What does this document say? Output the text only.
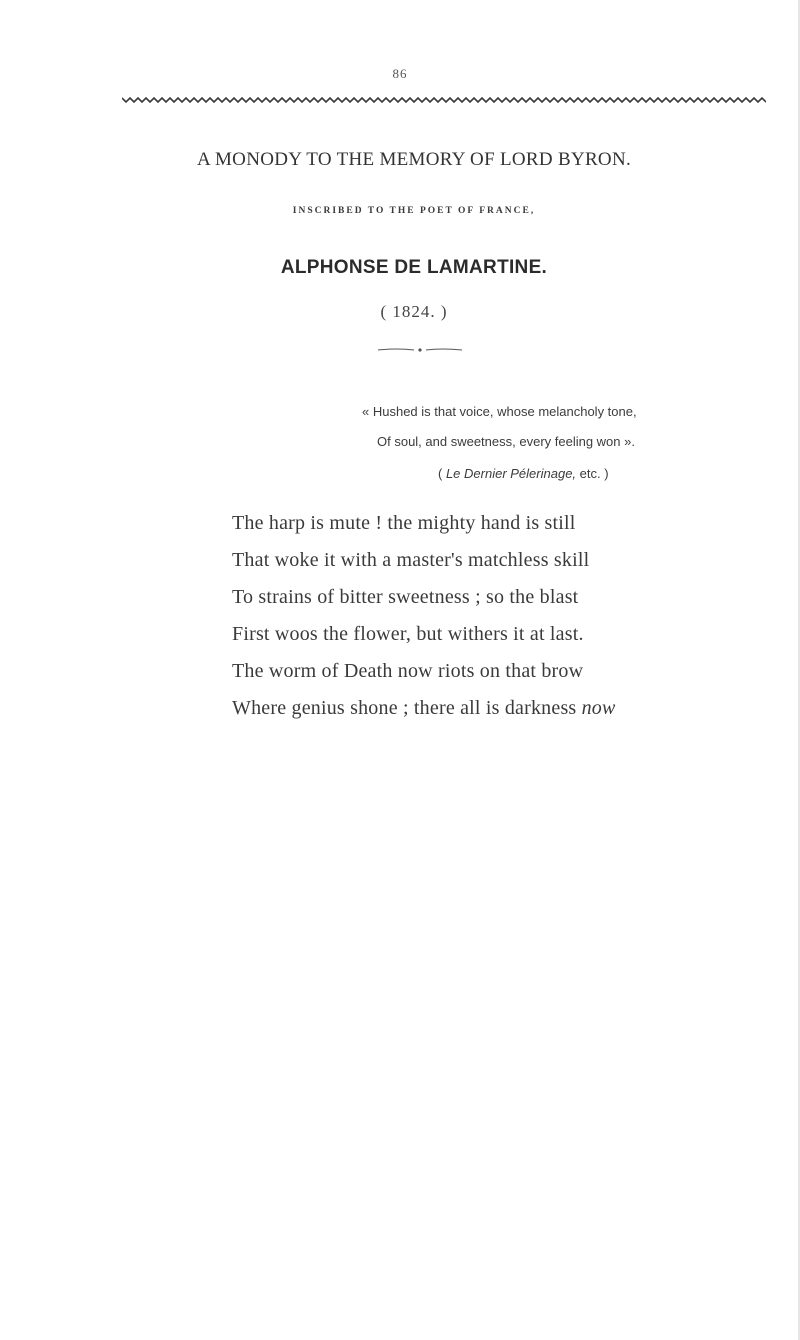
86
A MONODY TO THE MEMORY OF LORD BYRON.
INSCRIBED TO THE POET OF FRANCE,
ALPHONSE DE LAMARTINE.
( 1824. )
« Hushed is that voice, whose melancholy tone,
Of soul, and sweetness, every feeling won ».
( Le Dernier Pélerinage, etc. )
The harp is mute ! the mighty hand is still
That woke it with a master's matchless skill
To strains of bitter sweetness ; so the blast
First woos the flower, but withers it at last.
The worm of Death now riots on that brow
Where genius shone ; there all is darkness now
